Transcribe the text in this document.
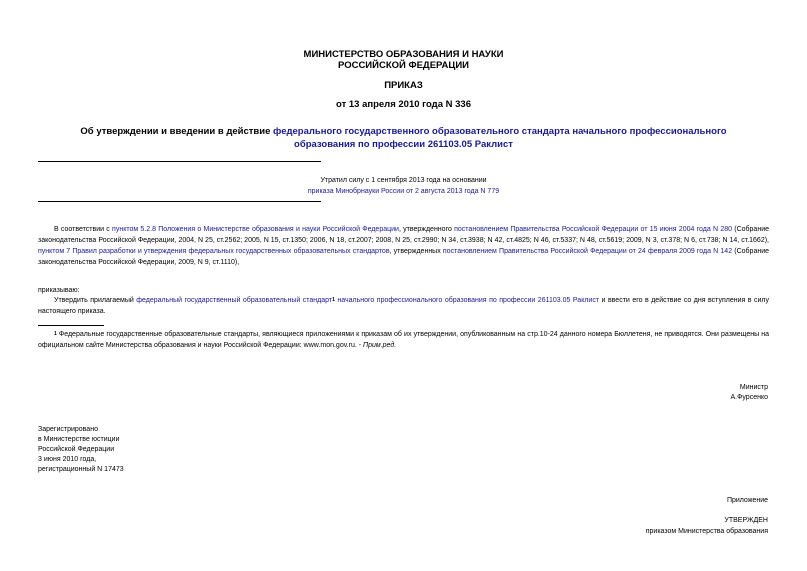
МИНИСТЕРСТВО ОБРАЗОВАНИЯ И НАУКИ
РОССИЙСКОЙ ФЕДЕРАЦИИ
ПРИКАЗ
от 13 апреля 2010 года N 336
Об утверждении и введении в действие федерального государственного образовательного стандарта начального профессионального образования по профессии 261103.05 Раклист
Утратил силу с 1 сентября 2013 года на основании
приказа Минобрнауки России от 2 августа 2013 года N 779
В соответствии с пунктом 5.2.8 Положения о Министерстве образования и науки Российской Федерации, утвержденного постановлением Правительства Российской Федерации от 15 июня 2004 года N 280 (Собрание законодательства Российской Федерации, 2004, N 25, ст.2562; 2005, N 15, ст.1350; 2006, N 18, ст.2007; 2008, N 25, ст.2990; N 34, ст.3938; N 42, ст.4825; N 46, ст.5337; N 48, ст.5619; 2009, N 3, ст.378; N 6, ст.738; N 14, ст.1662), пунктом 7 Правил разработки и утверждения федеральных государственных образовательных стандартов, утвержденных постановлением Правительства Российской Федерации от 24 февраля 2009 года N 142 (Собрание законодательства Российской Федерации, 2009, N 9, ст.1110),
приказываю:
Утвердить прилагаемый федеральный государственный образовательный стандарт$^1$ начального профессионального образования по профессии 261103.05 Раклист и ввести его в действие со дня вступления в силу настоящего приказа.
$^1$ Федеральные государственные образовательные стандарты, являющиеся приложениями к приказам об их утверждении, опубликованным на стр.10-24 данного номера Бюллетеня, не приводятся. Они размещены на официальном сайте Министерства образования и науки Российской Федерации: www.mon.gov.ru. - Прим.ред.
Министр
А.Фурсенко
Зарегистрировано
в Министерстве юстиции
Российской Федерации
3 июня 2010 года,
регистрационный N 17473
Приложение
УТВЕРЖДЕН
приказом Министерства образования
